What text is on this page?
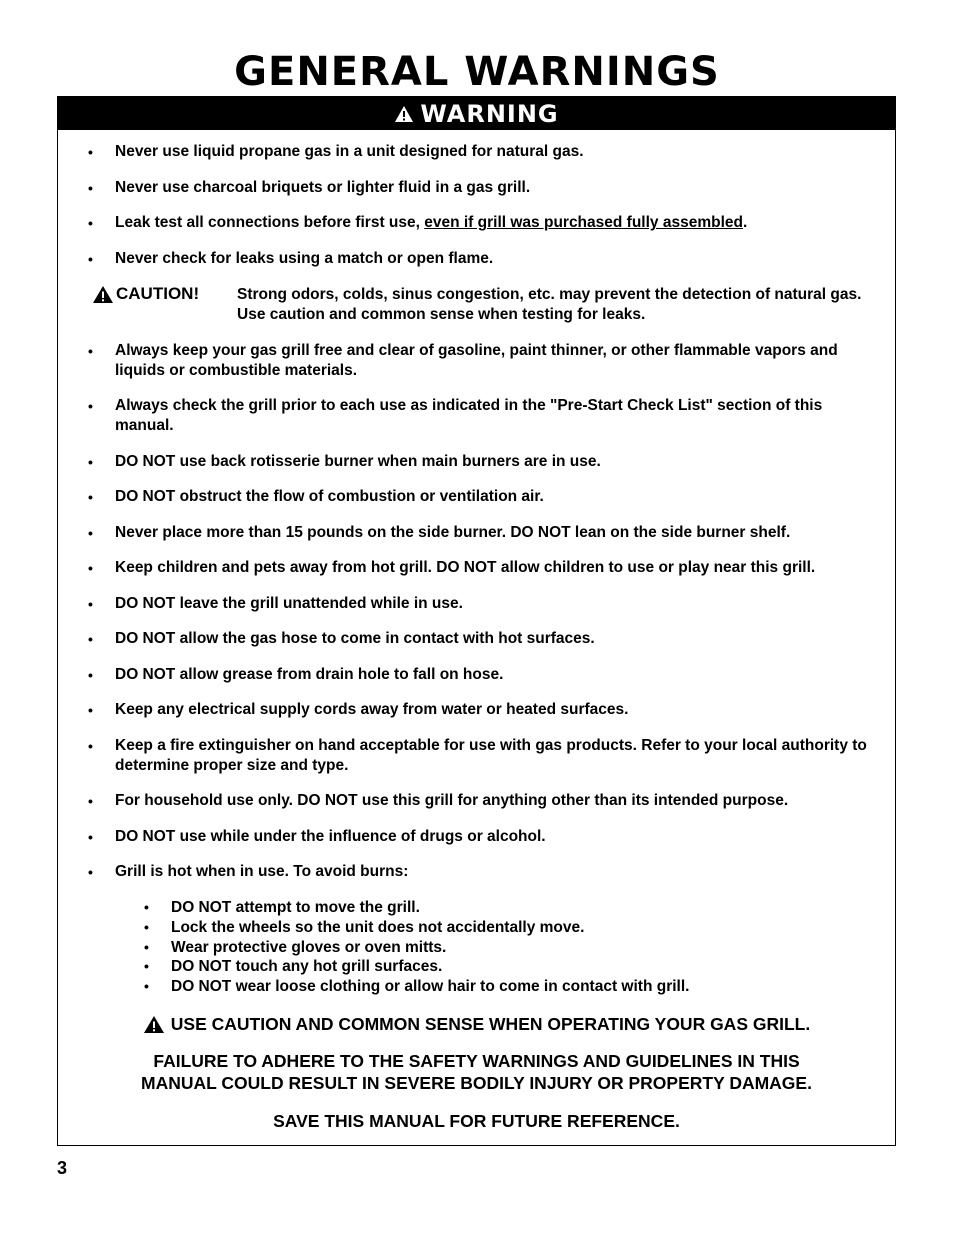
GENERAL WARNINGS
WARNING
• Never use liquid propane gas in a unit designed for natural gas.
• Never use charcoal briquets or lighter fluid in a gas grill.
• Leak test all connections before first use, even if grill was purchased fully assembled.
• Never check for leaks using a match or open flame.
CAUTION! Strong odors, colds, sinus congestion, etc. may prevent the detection of natural gas. Use caution and common sense when testing for leaks.
• Always keep your gas grill free and clear of gasoline, paint thinner, or other flammable vapors and liquids or combustible materials.
• Always check the grill prior to each use as indicated in the "Pre-Start Check List" section of this manual.
• DO NOT use back rotisserie burner when main burners are in use.
• DO NOT obstruct the flow of combustion or ventilation air.
• Never place more than 15 pounds on the side burner. DO NOT lean on the side burner shelf.
• Keep children and pets away from hot grill. DO NOT allow children to use or play near this grill.
• DO NOT leave the grill unattended while in use.
• DO NOT allow the gas hose to come in contact with hot surfaces.
• DO NOT allow grease from drain hole to fall on hose.
• Keep any electrical supply cords away from water or heated surfaces.
• Keep a fire extinguisher on hand acceptable for use with gas products. Refer to your local authority to determine proper size and type.
• For household use only. DO NOT use this grill for anything other than its intended purpose.
• DO NOT use while under the influence of drugs or alcohol.
• Grill is hot when in use. To avoid burns:
• DO NOT attempt to move the grill.
• Lock the wheels so the unit does not accidentally move.
• Wear protective gloves or oven mitts.
• DO NOT touch any hot grill surfaces.
• DO NOT wear loose clothing or allow hair to come in contact with grill.
USE CAUTION AND COMMON SENSE WHEN OPERATING YOUR GAS GRILL.
FAILURE TO ADHERE TO THE SAFETY WARNINGS AND GUIDELINES IN THIS
MANUAL COULD RESULT IN SEVERE BODILY INJURY OR PROPERTY DAMAGE.
SAVE THIS MANUAL FOR FUTURE REFERENCE.
3
